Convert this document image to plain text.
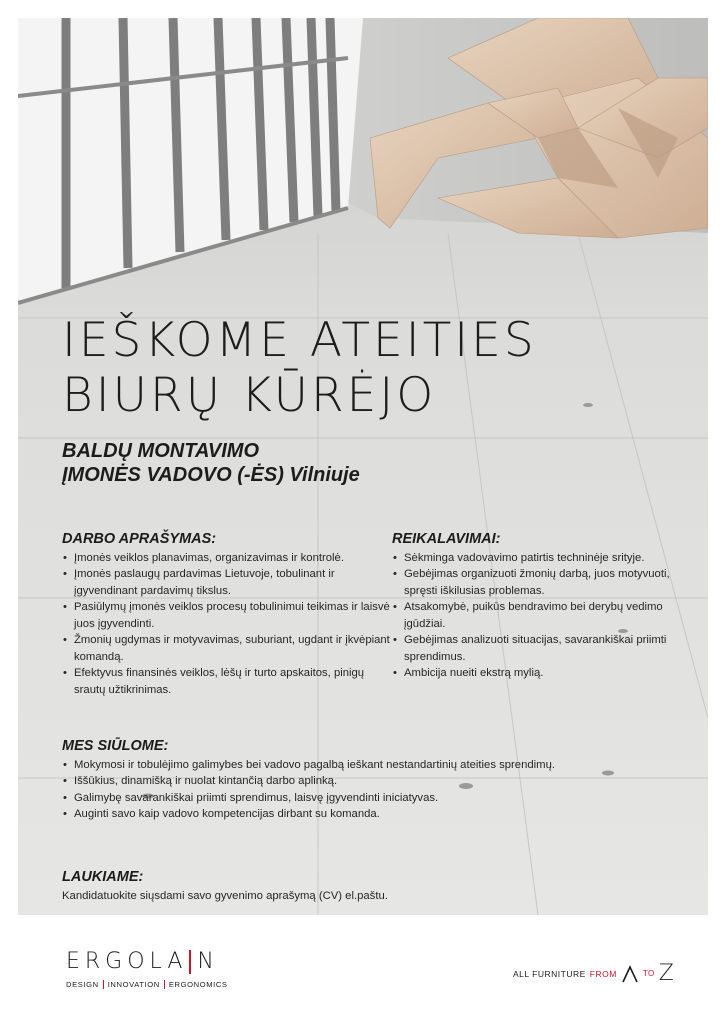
IEŠKOME ATEITIES
BIURŲ KŪRĖJO
BALDŲ MONTAVIMO
ĮMONĖS VADOVO (-ĖS) Vilniuje
DARBO APRAŠYMAS:
• Įmonės veiklos planavimas, organizavimas ir kontrolė.
• Įmonės paslaugų pardavimas Lietuvoje, tobulinant ir įgyvendinant pardavimų tikslus.
• Pasiūlymų įmonės veiklos procesų tobulinimui teikimas ir laisvė juos įgyvendinti.
• Žmonių ugdymas ir motyvavimas, suburiant, ugdant ir įkvėpiant komandą.
• Efektyvus finansinės veiklos, lėšų ir turto apskaitos, pinigų srautų užtikrinimas.
REIKALAVIMAI:
• Sėkminga vadovavimo patirtis techninėje srityje.
• Gebėjimas organizuoti žmonių darbą, juos motyvuoti, spręsti iškilusias problemas.
• Atsakomybė, puikūs bendravimo bei derybų vedimo įgūdžiai.
• Gebėjimas analizuoti situacijas, savarankiškai priimti sprendimus.
• Ambicija nueiti ekstrą mylią.
MES SIŪLOME:
• Mokymosi ir tobulėjimo galimybes bei vadovo pagalbą ieškant nestandartinių ateities sprendimų.
• Iššūkius, dinamišką ir nuolat kintančią darbo aplinką.
• Galimybę savarankiškai priimti sprendimus, laisvę įgyvendinti iniciatyvas.
• Auginti savo kaip vadovo kompetencijas dirbant su komanda.
LAUKIAME:

Kandidatuokite siųsdami savo gyvenimo aprašymą (CV) el.paštu.

ERGOLA N
DESIGN INNOVATION ERGONOMICS
ALL FURNITURE FROM	TO Z
